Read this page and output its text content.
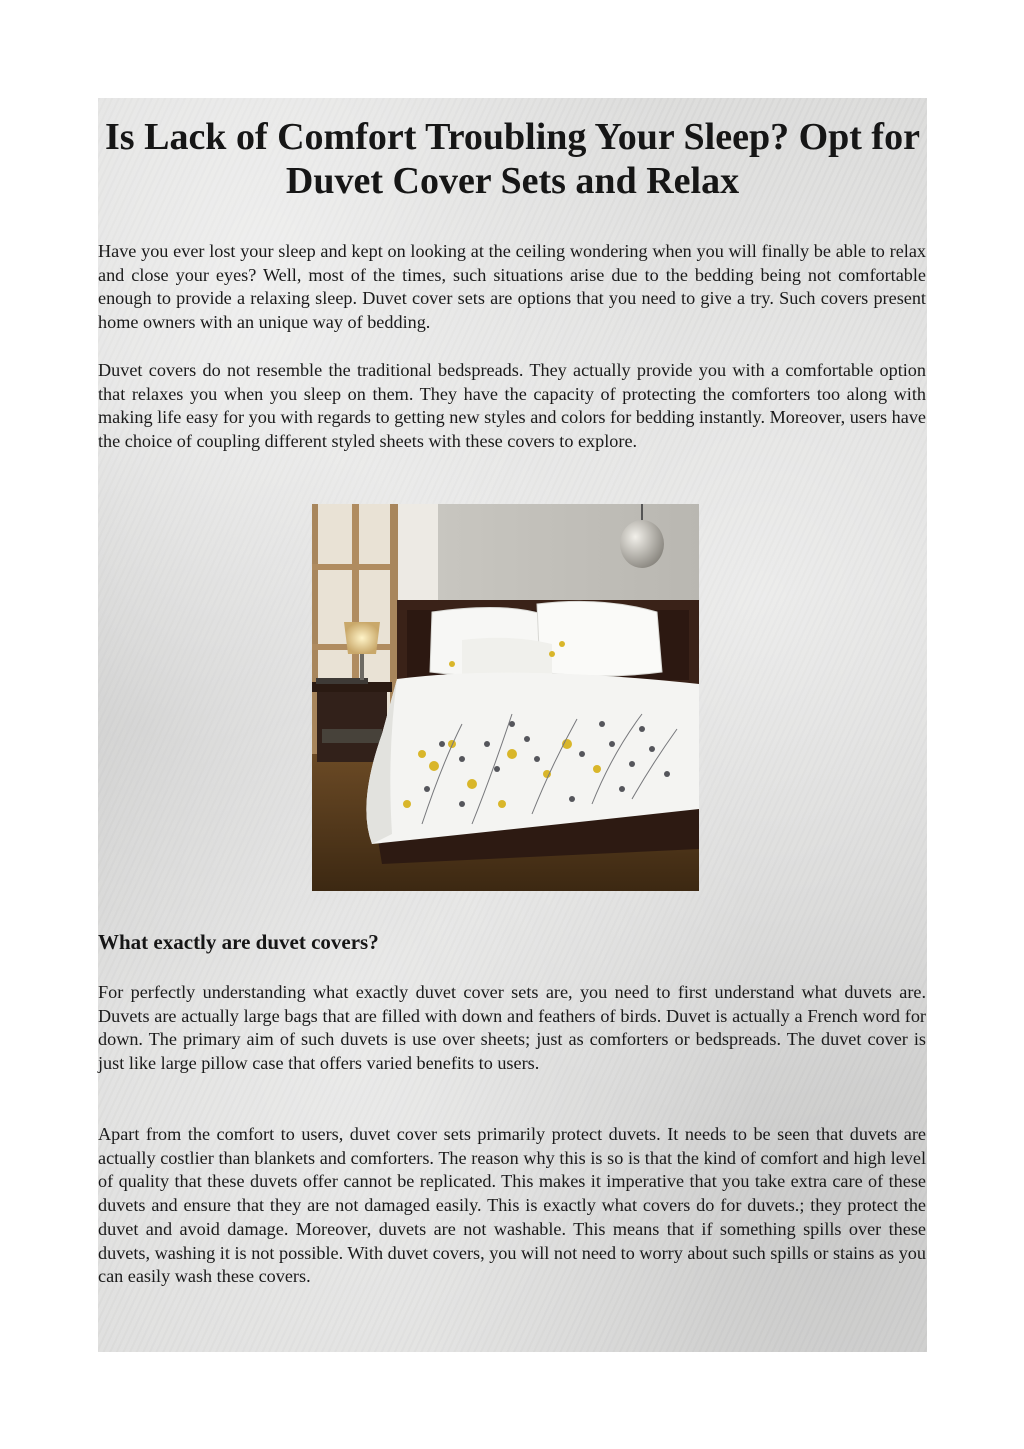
Is Lack of Comfort Troubling Your Sleep? Opt for Duvet Cover Sets and Relax

Have you ever lost your sleep and kept on looking at the ceiling wondering when you will finally be able to relax and close your eyes? Well, most of the times, such situations arise due to the bedding being not comfortable enough to provide a relaxing sleep. Duvet cover sets are options that you need to give a try. Such covers present home owners with an unique way of bedding.

Duvet covers do not resemble the traditional bedspreads. They actually provide you with a comfortable option that relaxes you when you sleep on them. They have the capacity of protecting the comforters too along with making life easy for you with regards to getting new styles and colors for bedding instantly. Moreover, users have the choice of coupling different styled sheets with these covers to explore.

What exactly are duvet covers?

For perfectly understanding what exactly duvet cover sets are, you need to first understand what duvets are. Duvets are actually large bags that are filled with down and feathers of birds. Duvet is actually a French word for down. The primary aim of such duvets is use over sheets; just as comforters or bedspreads. The duvet cover is just like large pillow case that offers varied benefits to users.

Apart from the comfort to users, duvet cover sets primarily protect duvets. It needs to be seen that duvets are actually costlier than blankets and comforters. The reason why this is so is that the kind of comfort and high level of quality that these duvets offer cannot be replicated. This makes it imperative that you take extra care of these duvets and ensure that they are not damaged easily. This is exactly what covers do for duvets.; they protect the duvet and avoid damage. Moreover, duvets are not washable. This means that if something spills over these duvets, washing it is not possible. With duvet covers, you will not need to worry about such spills or stains as you can easily wash these covers.
